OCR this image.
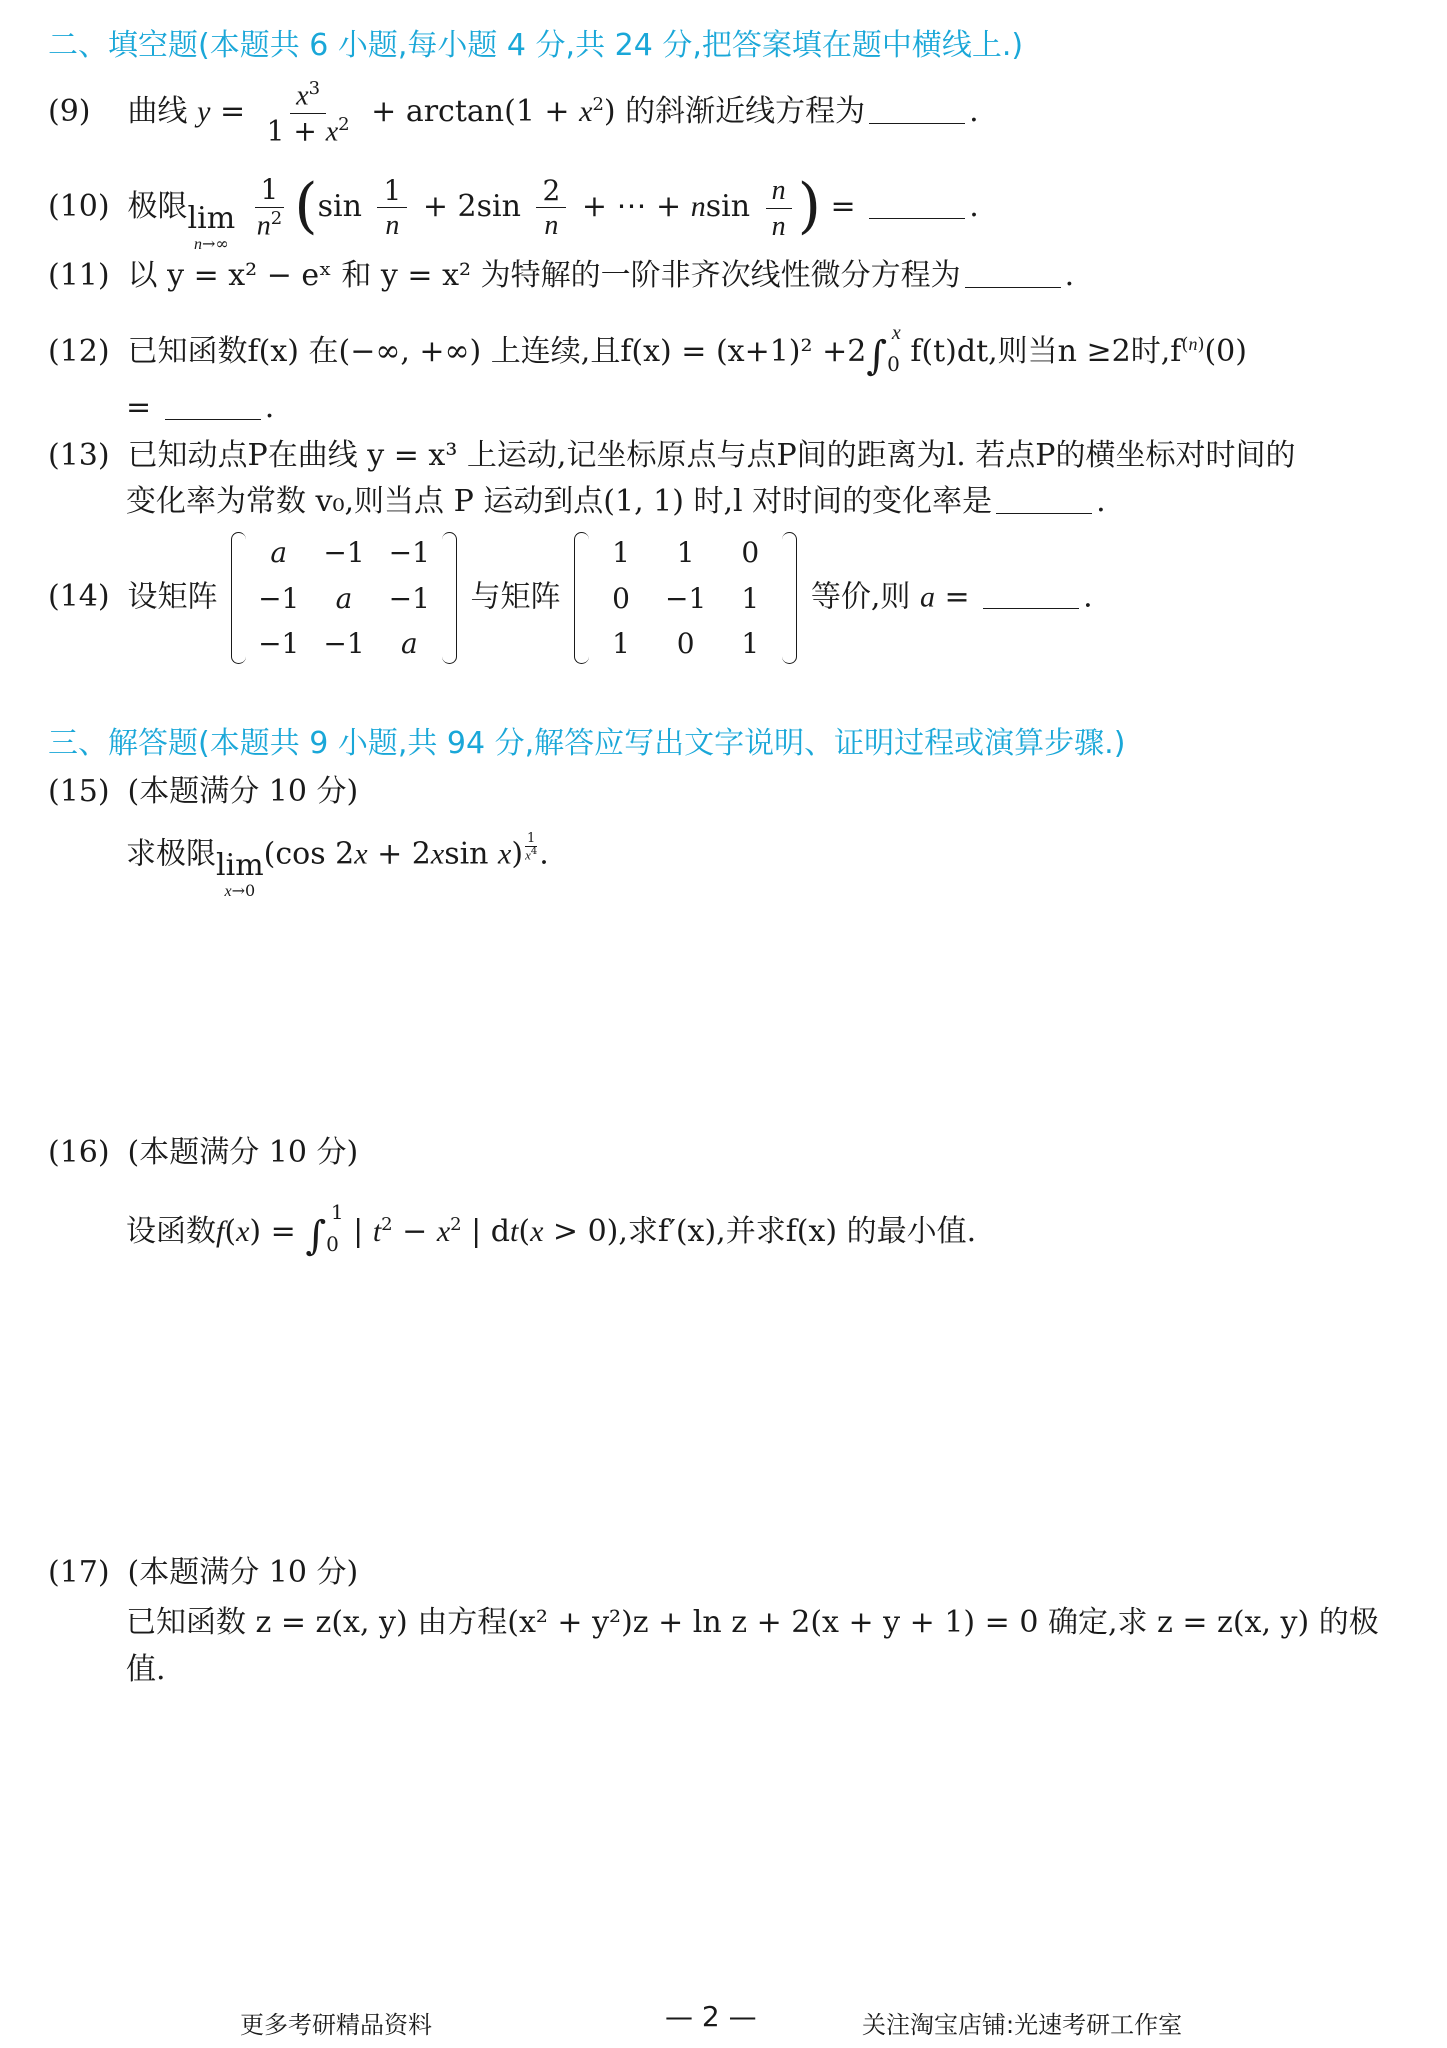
二、填空题(本题共 6 小题,每小题 4 分,共 24 分,把答案填在题中横线上.)
(9) 曲线 $y = \frac{x^3}{1 + x^2} + \arctan(1 + x^2)$ 的斜渐近线方程为	.
(10) 极限 lim
n→∞

$\frac{1}{n^2} (\sin \frac{1}{n} + 2\sin \frac{2}{n}$ + ⋯ + nsin $\frac{n}{n}$ ) =	.
(11) 以 y = x² − eˣ 和 y = x² 为特解的一阶非齐次线性微分方程为	.
(12) 已知函数f(x) 在(−∞, +∞) 上连续,且$f(x) = (x+1)^2 +2\int_0^x$ f(t)dt,则当n ≥2时$,f^{(n)}(0)$
=	.
(13) 已知动点P在曲线 y = x³ 上运动,记坐标原点与点P间的距离为l. 若点P的横坐标对时间的
变化率为常数 v₀,则当点 P 运动到点(1, 1) 时,l 对时间的变化率是	.
(14) 设矩阵
a	−1	−1
−1	a	−1
−1	−1	a
与矩阵
1	1	0
0	−1	1
1	0	1
等价,则 a =	.
三、解答题(本题共 9 小题,共 94 分,解答应写出文字说明、证明过程或演算步骤.)
(15) (本题满分 10 分)
求极限 lim
x→0
(cos 2x + 2xsin x) $^{\frac{1}{x^4}}$ .
(16) (本题满分 10 分)
设函数$f(x) = \int_0^1$ | $t^2 - x^2$ | dt(x > 0),求f′(x),并求f(x) 的最小值.
(17) (本题满分 10 分)
已知函数 z = z(x, y) 由方程(x² + y²)z + ln z + 2(x + y + 1) = 0 确定,求 z = z(x, y) 的极
值.
更多考研精品资料	— 2 —	关注淘宝店铺:光速考研工作室
